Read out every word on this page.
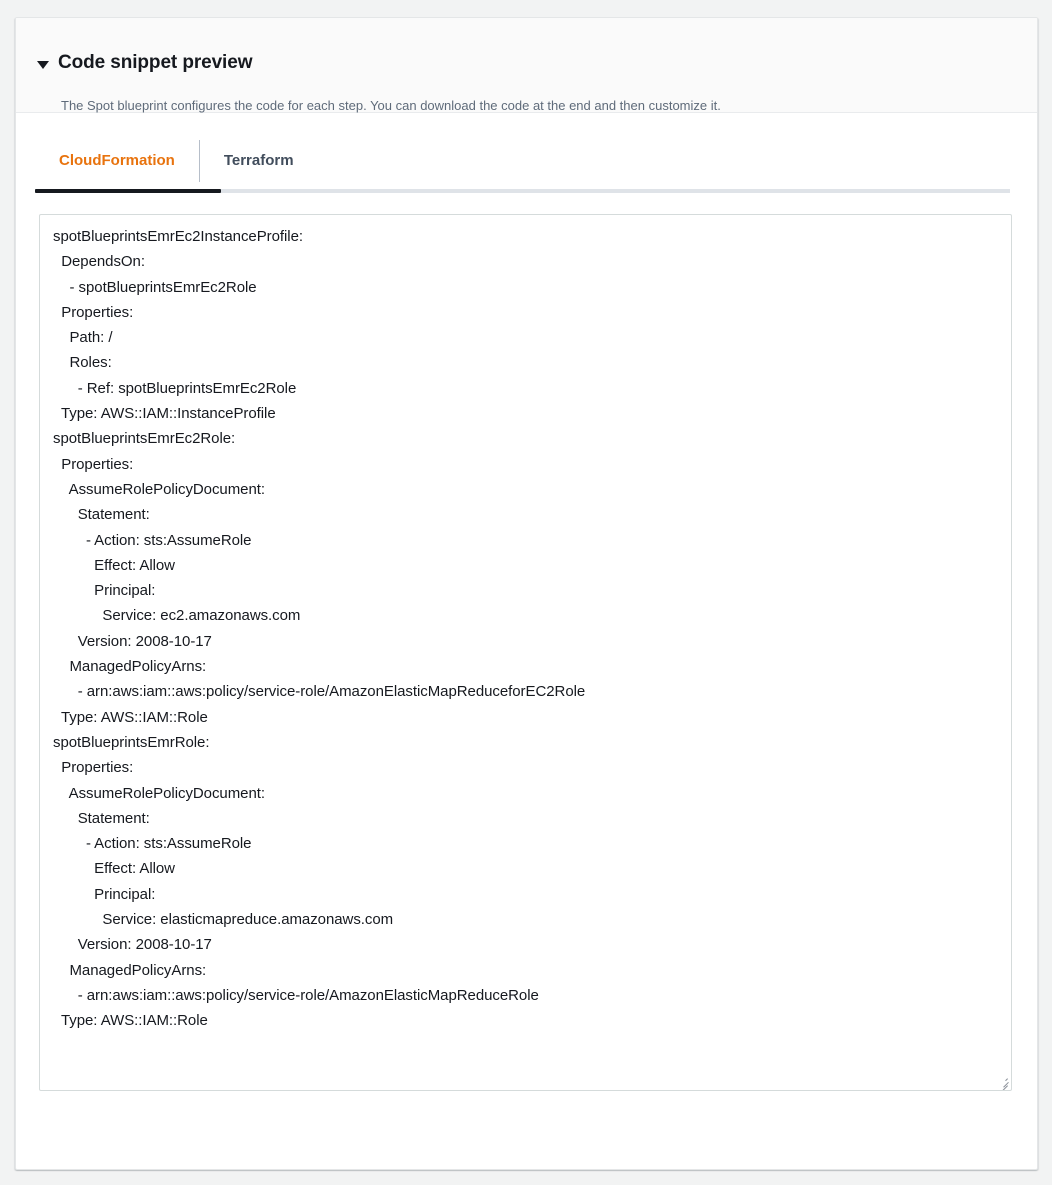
Code snippet preview

The Spot blueprint configures the code for each step. You can download the code at the end and then customize it.

CloudFormation	Terraform
spotBlueprintsEmrEc2InstanceProfile:
DependsOn:
- spotBlueprintsEmrEc2Role
Properties:
Path: /
Roles:
- Ref: spotBlueprintsEmrEc2Role
Type: AWS::IAM::InstanceProfile
spotBlueprintsEmrEc2Role:
Properties:
AssumeRolePolicyDocument:
Statement:
- Action: sts:AssumeRole
Effect: Allow
Principal:
Service: ec2.amazonaws.com
Version: 2008-10-17
ManagedPolicyArns:
- arn:aws:iam::aws:policy/service-role/AmazonElasticMapReduceforEC2Role
Type: AWS::IAM::Role
spotBlueprintsEmrRole:
Properties:
AssumeRolePolicyDocument:
Statement:
- Action: sts:AssumeRole
Effect: Allow
Principal:
Service: elasticmapreduce.amazonaws.com
Version: 2008-10-17
ManagedPolicyArns:
- arn:aws:iam::aws:policy/service-role/AmazonElasticMapReduceRole
Type: AWS::IAM::Role
